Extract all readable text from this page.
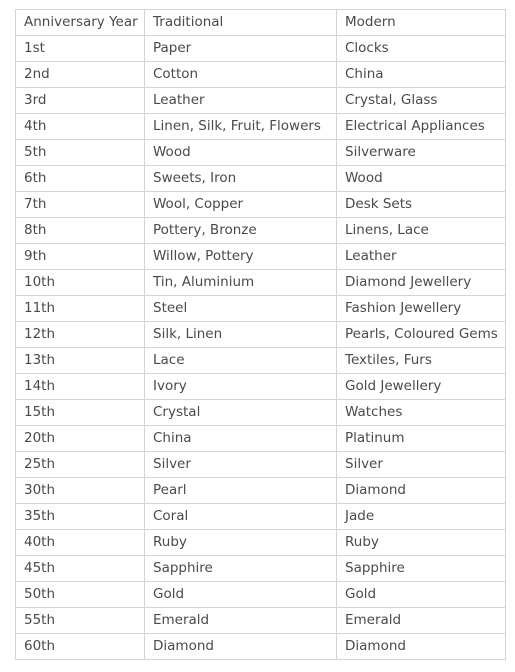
Anniversary Year	Traditional	Modern
1st	Paper	Clocks
2nd	Cotton	China
3rd	Leather	Crystal, Glass
4th	Linen, Silk, Fruit, Flowers	Electrical Appliances
5th	Wood	Silverware
6th	Sweets, Iron	Wood
7th	Wool, Copper	Desk Sets
8th	Pottery, Bronze	Linens, Lace
9th	Willow, Pottery	Leather
10th	Tin, Aluminium	Diamond Jewellery
11th	Steel	Fashion Jewellery
12th	Silk, Linen	Pearls, Coloured Gems
13th	Lace	Textiles, Furs
14th	Ivory	Gold Jewellery
15th	Crystal	Watches
20th	China	Platinum
25th	Silver	Silver
30th	Pearl	Diamond
35th	Coral	Jade
40th	Ruby	Ruby
45th	Sapphire	Sapphire
50th	Gold	Gold
55th	Emerald	Emerald
60th	Diamond	Diamond
